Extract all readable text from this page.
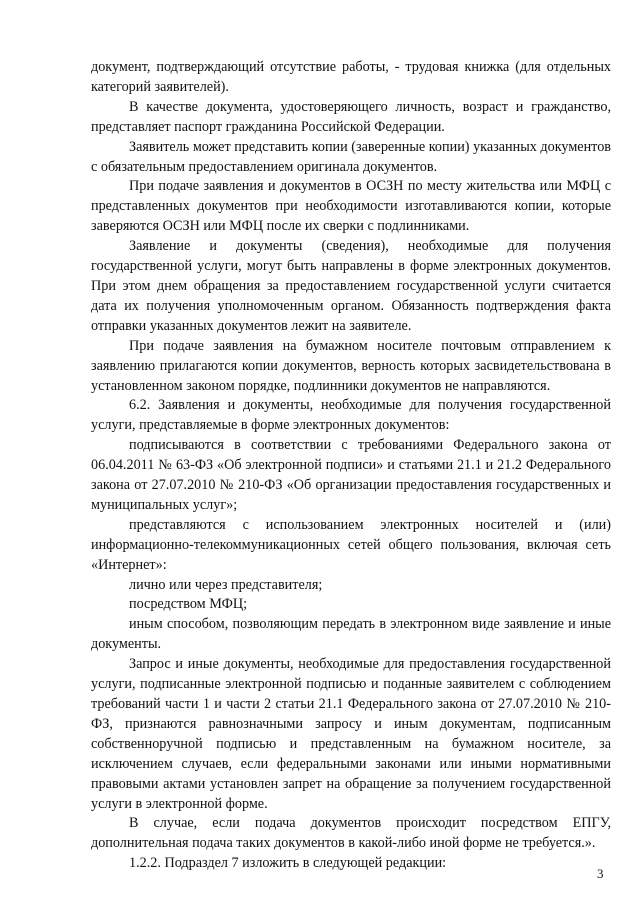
документ, подтверждающий отсутствие работы, - трудовая книжка (для отдельных категорий заявителей).

В качестве документа, удостоверяющего личность, возраст и гражданство, представляет паспорт гражданина Российской Федерации.

Заявитель может представить копии (заверенные копии) указанных документов с обязательным предоставлением оригинала документов.

При подаче заявления и документов в ОСЗН по месту жительства или МФЦ с представленных документов при необходимости изготавливаются копии, которые заверяются ОСЗН или МФЦ после их сверки с подлинниками.

Заявление и документы (сведения), необходимые для получения государственной услуги, могут быть направлены в форме электронных документов. При этом днем обращения за предоставлением государственной услуги считается дата их получения уполномоченным органом. Обязанность подтверждения факта отправки указанных документов лежит на заявителе.

При подаче заявления на бумажном носителе почтовым отправлением к заявлению прилагаются копии документов, верность которых засвидетельствована в установленном законом порядке, подлинники документов не направляются.

6.2. Заявления и документы, необходимые для получения государственной услуги, представляемые в форме электронных документов:

подписываются в соответствии с требованиями Федерального закона от 06.04.2011 № 63-ФЗ «Об электронной подписи» и статьями 21.1 и 21.2 Федерального закона от 27.07.2010 № 210-ФЗ «Об организации предоставления государственных и муниципальных услуг»;

представляются с использованием электронных носителей и (или) информационно-телекоммуникационных сетей общего пользования, включая сеть «Интернет»:

лично или через представителя;

посредством МФЦ;

иным способом, позволяющим передать в электронном виде заявление и иные документы.

Запрос и иные документы, необходимые для предоставления государственной услуги, подписанные электронной подписью и поданные заявителем с соблюдением требований части 1 и части 2 статьи 21.1 Федерального закона от 27.07.2010 № 210-ФЗ, признаются равнозначными запросу и иным документам, подписанным собственноручной подписью и представленным на бумажном носителе, за исключением случаев, если федеральными законами или иными нормативными правовыми актами установлен запрет на обращение за получением государственной услуги в электронной форме.

В случае, если подача документов происходит посредством ЕПГУ, дополнительная подача таких документов в какой-либо иной форме не требуется.».

1.2.2. Подраздел 7 изложить в следующей редакции:

3
